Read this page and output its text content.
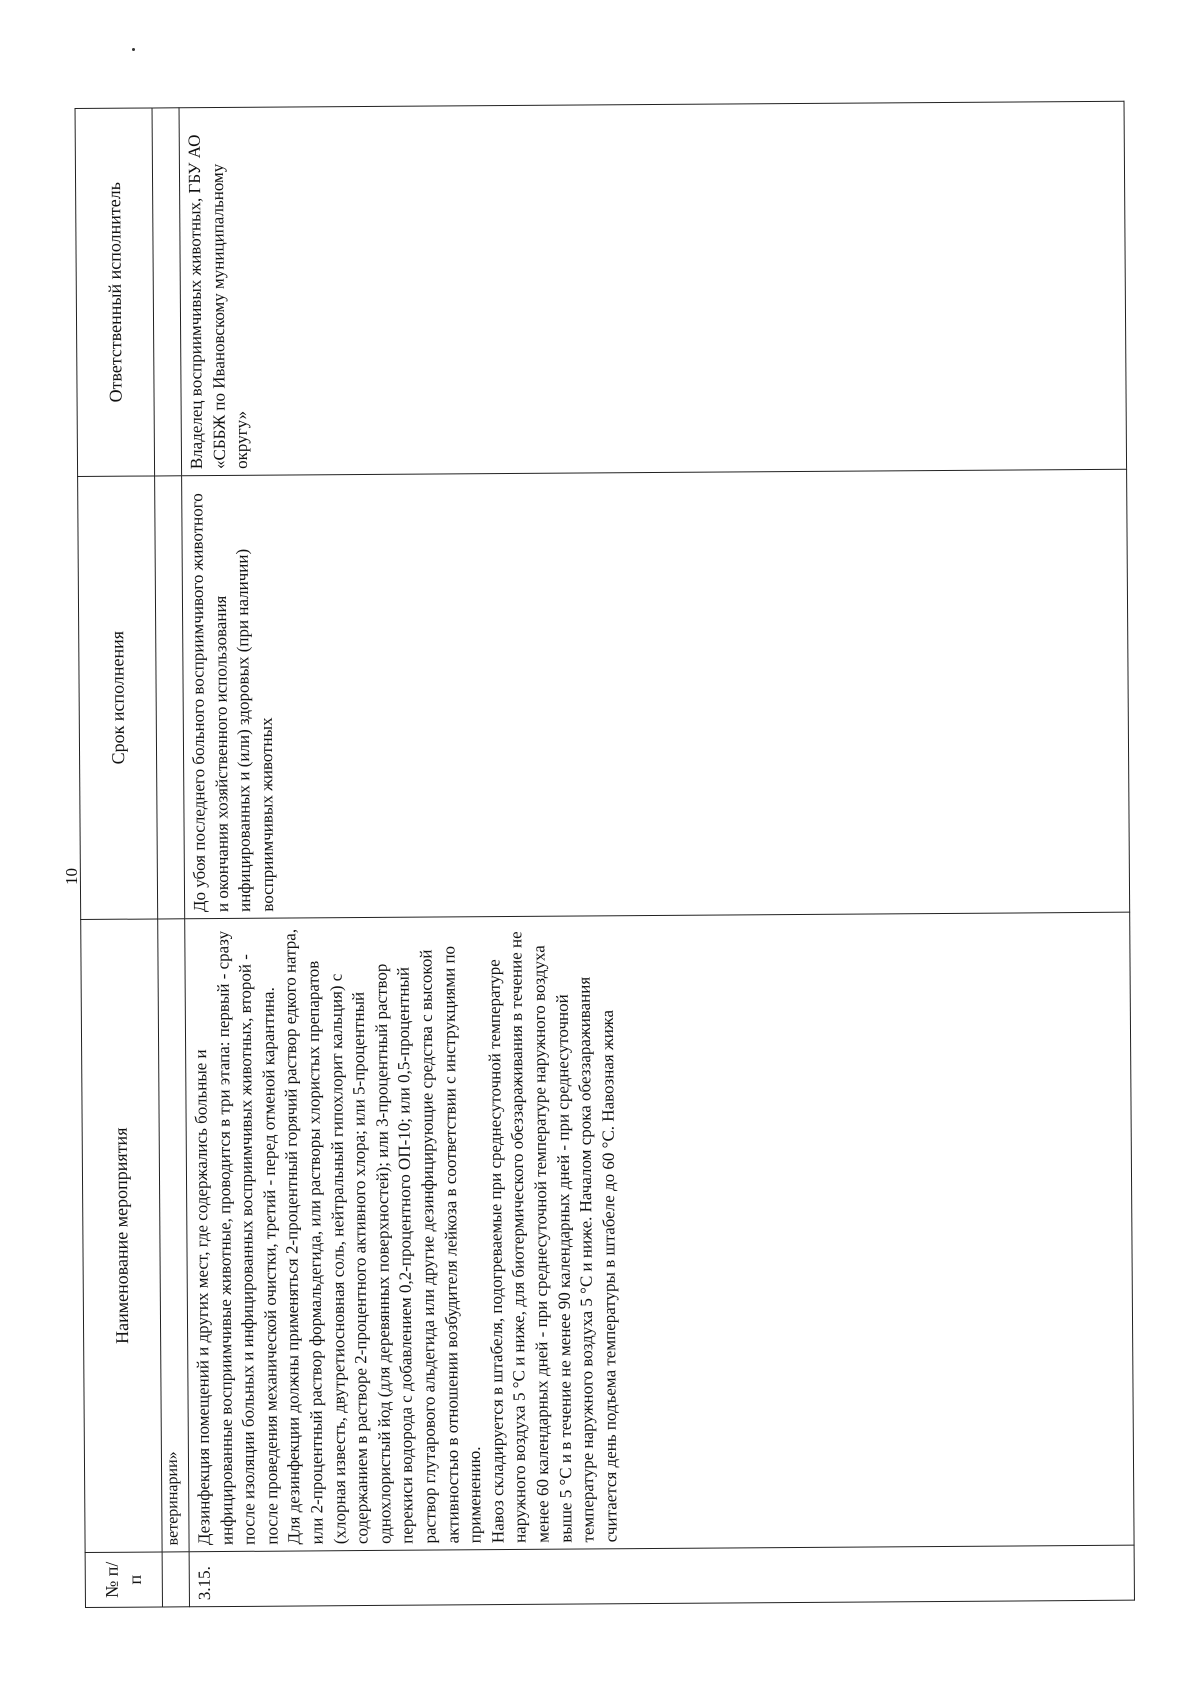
10
№ п/п	Наименование мероприятия	Срок исполнения	Ответственный исполнитель
	ветеринарии»		
3.15.	Дезинфекция помещений и других мест, где содержались больные и инфицированные восприимчивые животные, проводится в три этапа: первый - сразу после изоляции больных и инфицированных восприимчивых животных, второй - после проведения механической очистки, третий - перед отменой карантина. Для дезинфекции должны применяться 2-процентный горячий раствор едкого натра, или 2-процентный раствор формальдегида, или растворы хлористых препаратов (хлорная известь, двутретиосновная соль, нейтральный гипохлорит кальция) с содержанием в растворе 2-процентного активного хлора; или 5-процентный однохлористый йод (для деревянных поверхностей); или 3-процентный раствор перекиси водорода с добавлением 0,2-процентного ОП-10; или 0,5-процентный раствор глутарового альдегида или другие дезинфицирующие средства с высокой активностью в отношении возбудителя лейкоза в соответствии с инструкциями по применению. Навоз складируется в штабеля, подогреваемые при среднесуточной температуре наружного воздуха 5 °С и ниже, для биотермического обеззараживания в течение не менее 60 календарных дней - при среднесуточной температуре наружного воздуха выше 5 °С и в течение не менее 90 календарных дней - при среднесуточной температуре наружного воздуха 5 °С и ниже. Началом срока обеззараживания считается день подъема температуры в штабеле до 60 °С. Навозная жижа	До убоя последнего больного восприимчивого животного и окончания хозяйственного использования инфицированных и (или) здоровых (при наличии) восприимчивых животных	Владелец восприимчивых животных, ГБУ АО «СББЖ по Ивановскому муниципальному округу»
